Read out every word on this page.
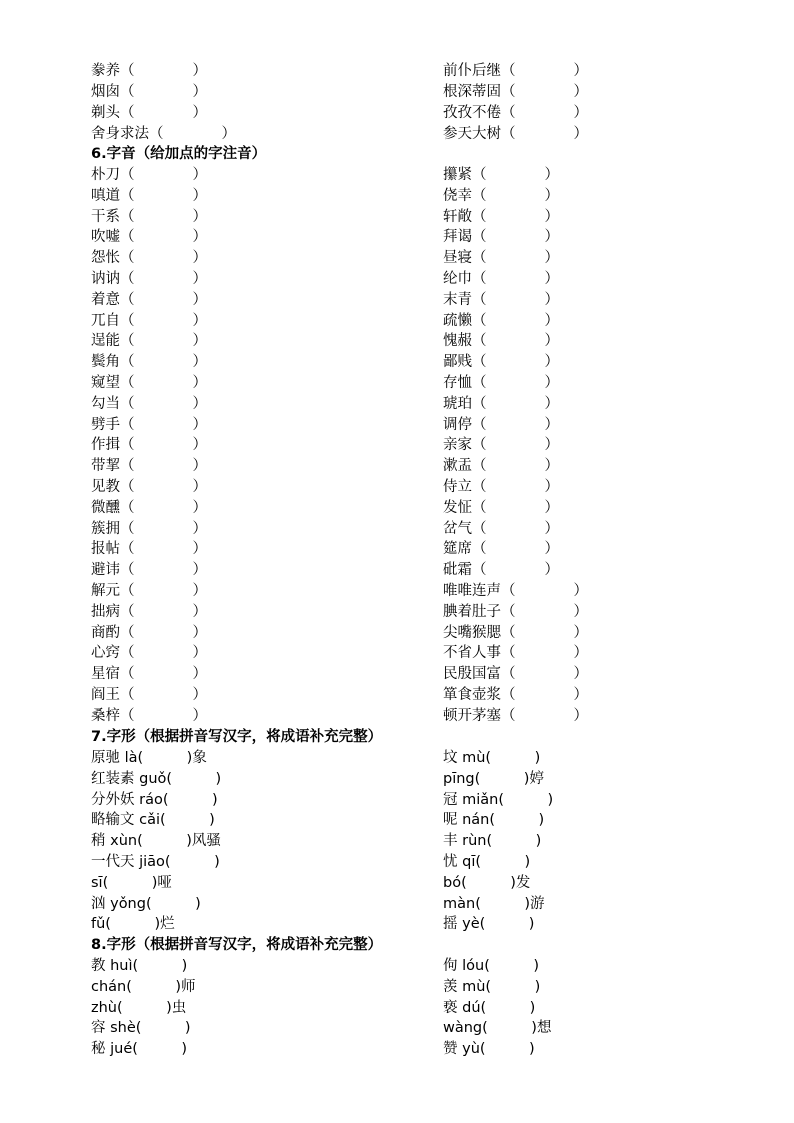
豢养（　　　　）
烟囱（　　　　）
剃头（　　　　）
舍身求法（　　　　）
前仆后继（　　　　）
根深蒂固（　　　　）
孜孜不倦（　　　　）
参天大树（　　　　）
6.字音（给加点的字注音）
朴刀（　　　　）
嗔道（　　　　）
干系（　　　　）
吹嘘（　　　　）
怨怅（　　　　）
讷讷（　　　　）
着意（　　　　）
兀自（　　　　）
逞能（　　　　）
鬓角（　　　　）
窥望（　　　　）
勾当（　　　　）
劈手（　　　　）
作揖（　　　　）
带挈（　　　　）
见教（　　　　）
微醺（　　　　）
簇拥（　　　　）
报帖（　　　　）
避讳（　　　　）
解元（　　　　）
拙病（　　　　）
商酌（　　　　）
心窍（　　　　）
星宿（　　　　）
阎王（　　　　）
桑梓（　　　　）
攥紧（　　　　）
侥幸（　　　　）
轩敞（　　　　）
拜谒（　　　　）
昼寝（　　　　）
纶巾（　　　　）
末青（　　　　）
疏懒（　　　　）
愧赧（　　　　）
鄙贱（　　　　）
存恤（　　　　）
琥珀（　　　　）
调停（　　　　）
亲家（　　　　）
漱盂（　　　　）
侍立（　　　　）
发怔（　　　　）
岔气（　　　　）
筵席（　　　　）
砒霜（　　　　）
唯唯连声（　　　　）
腆着肚子（　　　　）
尖嘴猴腮（　　　　）
不省人事（　　　　）
民殷国富（　　　　）
箪食壶浆（　　　　）
顿开茅塞（　　　　）
7.字形（根据拼音写汉字，将成语补充完整）
原驰 là(　　　)象
红装素 guǒ(　　　)
分外妖 ráo(　　　)
略输文 cǎi(　　　)
稍 xùn(　　　)风骚
一代天 jiāo(　　　)
sī(　　　)哑
汹 yǒng(　　　)
fǔ(　　　)烂
坟 mù(　　　)
pīng(　　　)婷
冠 miǎn(　　　)
呢 nán(　　　)
丰 rùn(　　　)
忧 qī(　　　)
bó(　　　)发
màn(　　　)游
摇 yè(　　　)
8.字形（根据拼音写汉字，将成语补充完整）
教 huì(　　　)
chán(　　　)师
zhù(　　　)虫
容 shè(　　　)
秘 jué(　　　)
佝 lóu(　　　)
羡 mù(　　　)
亵 dú(　　　)
wàng(　　　)想
赞 yù(　　　)
